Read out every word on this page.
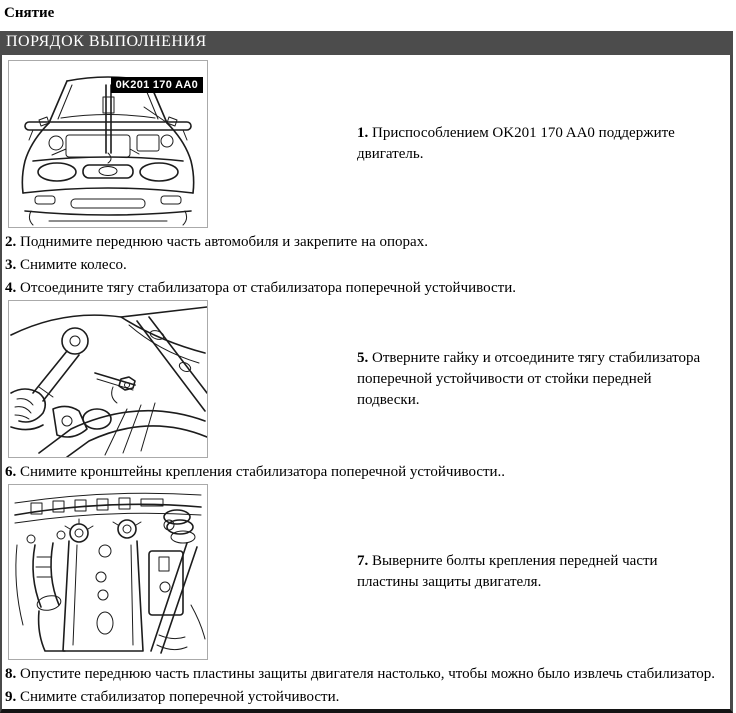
Снятие
ПОРЯДОК ВЫПОЛНЕНИЯ
0K201 170 AA0
1. Приспособлением OK201 170 AA0 поддержите двигатель.
2. Поднимите переднюю часть автомобиля и закрепите на опорах.
3. Снимите колесо.
4. Отсоедините тягу стабилизатора от стабилизатора поперечной устойчивости.
5. Отверните гайку и отсоедините тягу стабилизатора поперечной устойчивости от стойки передней подвески.
6. Снимите кронштейны крепления стабилизатора поперечной устойчивости..
7. Выверните болты крепления передней части пластины защиты двигателя.
8. Опустите переднюю часть пластины защиты двигателя настолько, чтобы можно было извлечь стабилизатор.
9. Снимите стабилизатор поперечной устойчивости.
